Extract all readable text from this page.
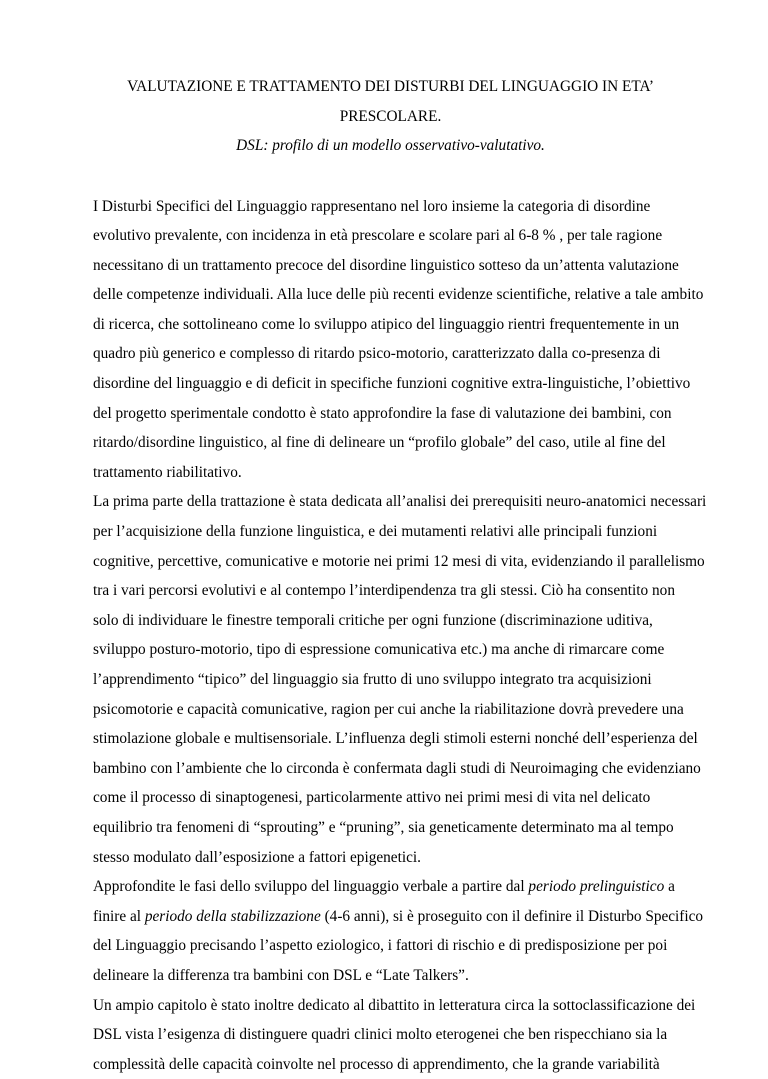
VALUTAZIONE E TRATTAMENTO DEI DISTURBI DEL LINGUAGGIO IN ETA’
PRESCOLARE.
DSL: profilo di un modello osservativo-valutativo.

I Disturbi Specifici del Linguaggio rappresentano nel loro insieme la categoria di disordine
evolutivo prevalente, con incidenza in età prescolare e scolare pari al 6-8 % , per tale ragione
necessitano di un trattamento precoce del disordine linguistico sotteso da un’attenta valutazione
delle competenze individuali. Alla luce delle più recenti evidenze scientifiche, relative a tale ambito
di ricerca, che sottolineano come lo sviluppo atipico del linguaggio rientri frequentemente in un
quadro più generico e complesso di ritardo psico-motorio, caratterizzato dalla co-presenza di
disordine del linguaggio e di deficit in specifiche funzioni cognitive extra-linguistiche, l’obiettivo
del progetto sperimentale condotto è stato approfondire la fase di valutazione dei bambini, con
ritardo/disordine linguistico, al fine di delineare un “profilo globale” del caso, utile al fine del
trattamento riabilitativo.

La prima parte della trattazione è stata dedicata all’analisi dei prerequisiti neuro-anatomici necessari
per l’acquisizione della funzione linguistica, e dei mutamenti relativi alle principali funzioni
cognitive, percettive, comunicative e motorie nei primi 12 mesi di vita, evidenziando il parallelismo
tra i vari percorsi evolutivi e al contempo l’interdipendenza tra gli stessi. Ciò ha consentito non
solo di individuare le finestre temporali critiche per ogni funzione (discriminazione uditiva,
sviluppo posturo-motorio, tipo di espressione comunicativa etc.) ma anche di rimarcare come
l’apprendimento “tipico” del linguaggio sia frutto di uno sviluppo integrato tra acquisizioni
psicomotorie e capacità comunicative, ragion per cui anche la riabilitazione dovrà prevedere una
stimolazione globale e multisensoriale. L’influenza degli stimoli esterni nonché dell’esperienza del
bambino con l’ambiente che lo circonda è confermata dagli studi di Neuroimaging che evidenziano
come il processo di sinaptogenesi, particolarmente attivo nei primi mesi di vita nel delicato
equilibrio tra fenomeni di “sprouting” e “pruning”, sia geneticamente determinato ma al tempo
stesso modulato dall’esposizione a fattori epigenetici.

Approfondite le fasi dello sviluppo del linguaggio verbale a partire dal periodo prelinguistico a
finire al periodo della stabilizzazione (4-6 anni), si è proseguito con il definire il Disturbo Specifico
del Linguaggio precisando l’aspetto eziologico, i fattori di rischio e di predisposizione per poi
delineare la differenza tra bambini con DSL e “Late Talkers”.

Un ampio capitolo è stato inoltre dedicato al dibattito in letteratura circa la sottoclassificazione dei
DSL vista l’esigenza di distinguere quadri clinici molto eterogenei che ben rispecchiano sia la
complessità delle capacità coinvolte nel processo di apprendimento, che la grande variabilità
